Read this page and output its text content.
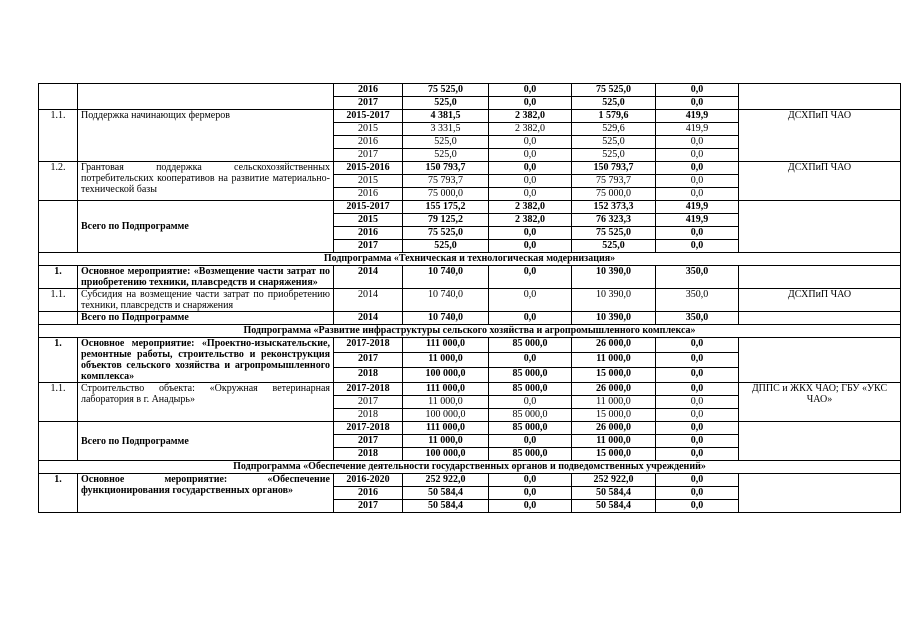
		2016	75 525,0	0,0	75 525,0	0,0	
		2017	525,0	0,0	525,0	0,0	
1.1.	Поддержка начинающих фермеров	2015-2017	4 381,5	2 382,0	1 579,6	419,9	ДСХПиП ЧАО
		2015	3 331,5	2 382,0	529,6	419,9	
		2016	525,0	0,0	525,0	0,0	
		2017	525,0	0,0	525,0	0,0	
1.2.	Грантовая поддержка сельскохозяйственных потребительских кооперативов на развитие материально-технической базы	2015-2016	150 793,7	0,0	150 793,7	0,0	ДСХПиП ЧАО
		2015	75 793,7	0,0	75 793,7	0,0	
		2016	75 000,0	0,0	75 000,0	0,0	
	Всего по Подпрограмме	2015-2017	155 175,2	2 382,0	152 373,3	419,9	
		2015	79 125,2	2 382,0	76 323,3	419,9	
		2016	75 525,0	0,0	75 525,0	0,0	
		2017	525,0	0,0	525,0	0,0	
Подпрограмма «Техническая и технологическая модернизация»							
1.	Основное мероприятие: «Возмещение части затрат по приобретению техники, плавсредств и снаряжения»	2014	10 740,0	0,0	10 390,0	350,0	
1.1.	Субсидия на возмещение части затрат по приобретению техники, плавсредств и снаряжения	2014	10 740,0	0,0	10 390,0	350,0	ДСХПиП ЧАО
	Всего по Подпрограмме	2014	10 740,0	0,0	10 390,0	350,0	
Подпрограмма «Развитие инфраструктуры сельского хозяйства и агропромышленного комплекса»							
1.	Основное мероприятие: «Проектно-изыскательские, ремонтные работы, строительство и реконструкция объектов сельского хозяйства и агропромышленного комплекса»	2017-2018	111 000,0	85 000,0	26 000,0	0,0	
		2017	11 000,0	0,0	11 000,0	0,0	
		2018	100 000,0	85 000,0	15 000,0	0,0	
1.1.	Строительство объекта: «Окружная ветеринарная лаборатория в г. Анадырь»	2017-2018	111 000,0	85 000,0	26 000,0	0,0	ДППС и ЖКХ ЧАО; ГБУ «УКС ЧАО»
		2017	11 000,0	0,0	11 000,0	0,0	
		2018	100 000,0	85 000,0	15 000,0	0,0	
	Всего по Подпрограмме	2017-2018	111 000,0	85 000,0	26 000,0	0,0	
		2017	11 000,0	0,0	11 000,0	0,0	
		2018	100 000,0	85 000,0	15 000,0	0,0	
Подпрограмма «Обеспечение деятельности государственных органов и подведомственных учреждений»							
1.	Основное мероприятие: «Обеспечение функционирования государственных органов»	2016-2020	252 922,0	0,0	252 922,0	0,0	
		2016	50 584,4	0,0	50 584,4	0,0	
		2017	50 584,4	0,0	50 584,4	0,0	
